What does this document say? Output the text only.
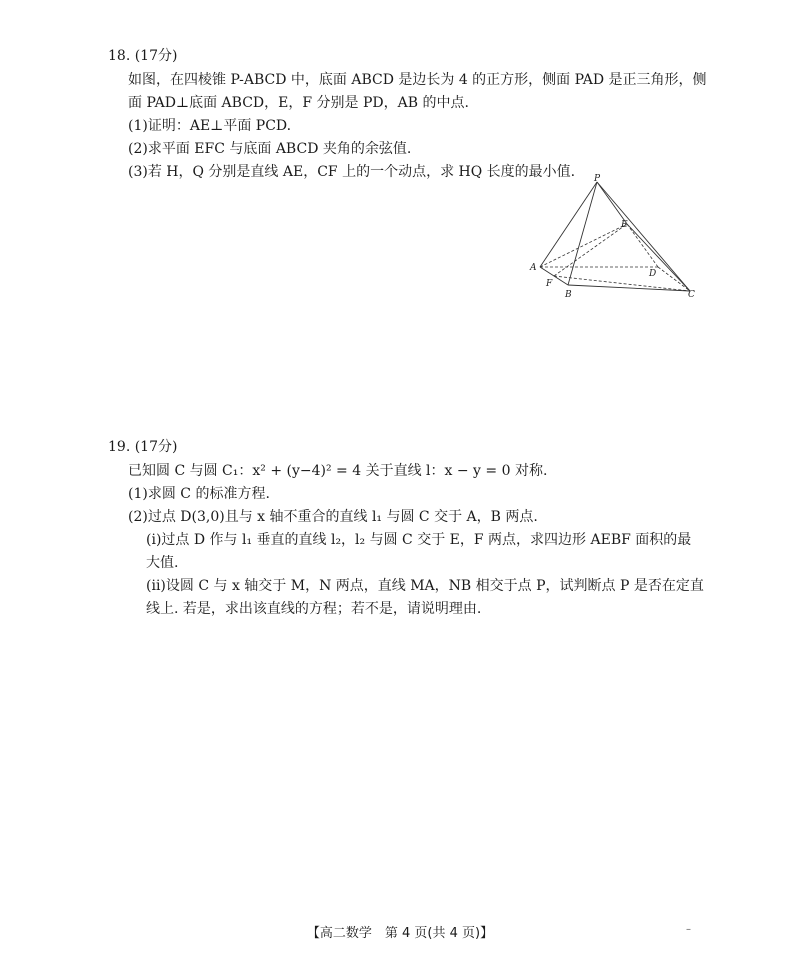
18. (17分)
如图，在四棱锥 P-ABCD 中，底面 ABCD 是边长为 4 的正方形，侧面 PAD 是正三角形，侧
面 PAD⊥底面 ABCD，E，F 分别是 PD，AB 的中点.
(1)证明：AE⊥平面 PCD.
(2)求平面 EFC 与底面 ABCD 夹角的余弦值.
(3)若 H，Q 分别是直线 AE，CF 上的一个动点，求 HQ 长度的最小值. P
E
A
D
F
B	C
19. (17分)
已知圆 C 与圆 C₁：x² + (y−4)² = 4 关于直线 l：x − y = 0 对称.
(1)求圆 C 的标准方程.
(2)过点 D(3,0)且与 x 轴不重合的直线 l₁ 与圆 C 交于 A，B 两点.
(ⅰ)过点 D 作与 l₁ 垂直的直线 l₂，l₂ 与圆 C 交于 E，F 两点，求四边形 AEBF 面积的最
大值.
(ⅱ)设圆 C 与 x 轴交于 M，N 两点，直线 MA，NB 相交于点 P，试判断点 P 是否在定直
线上. 若是，求出该直线的方程；若不是，请说明理由.
【高二数学　第 4 页(共 4 页)】	–
